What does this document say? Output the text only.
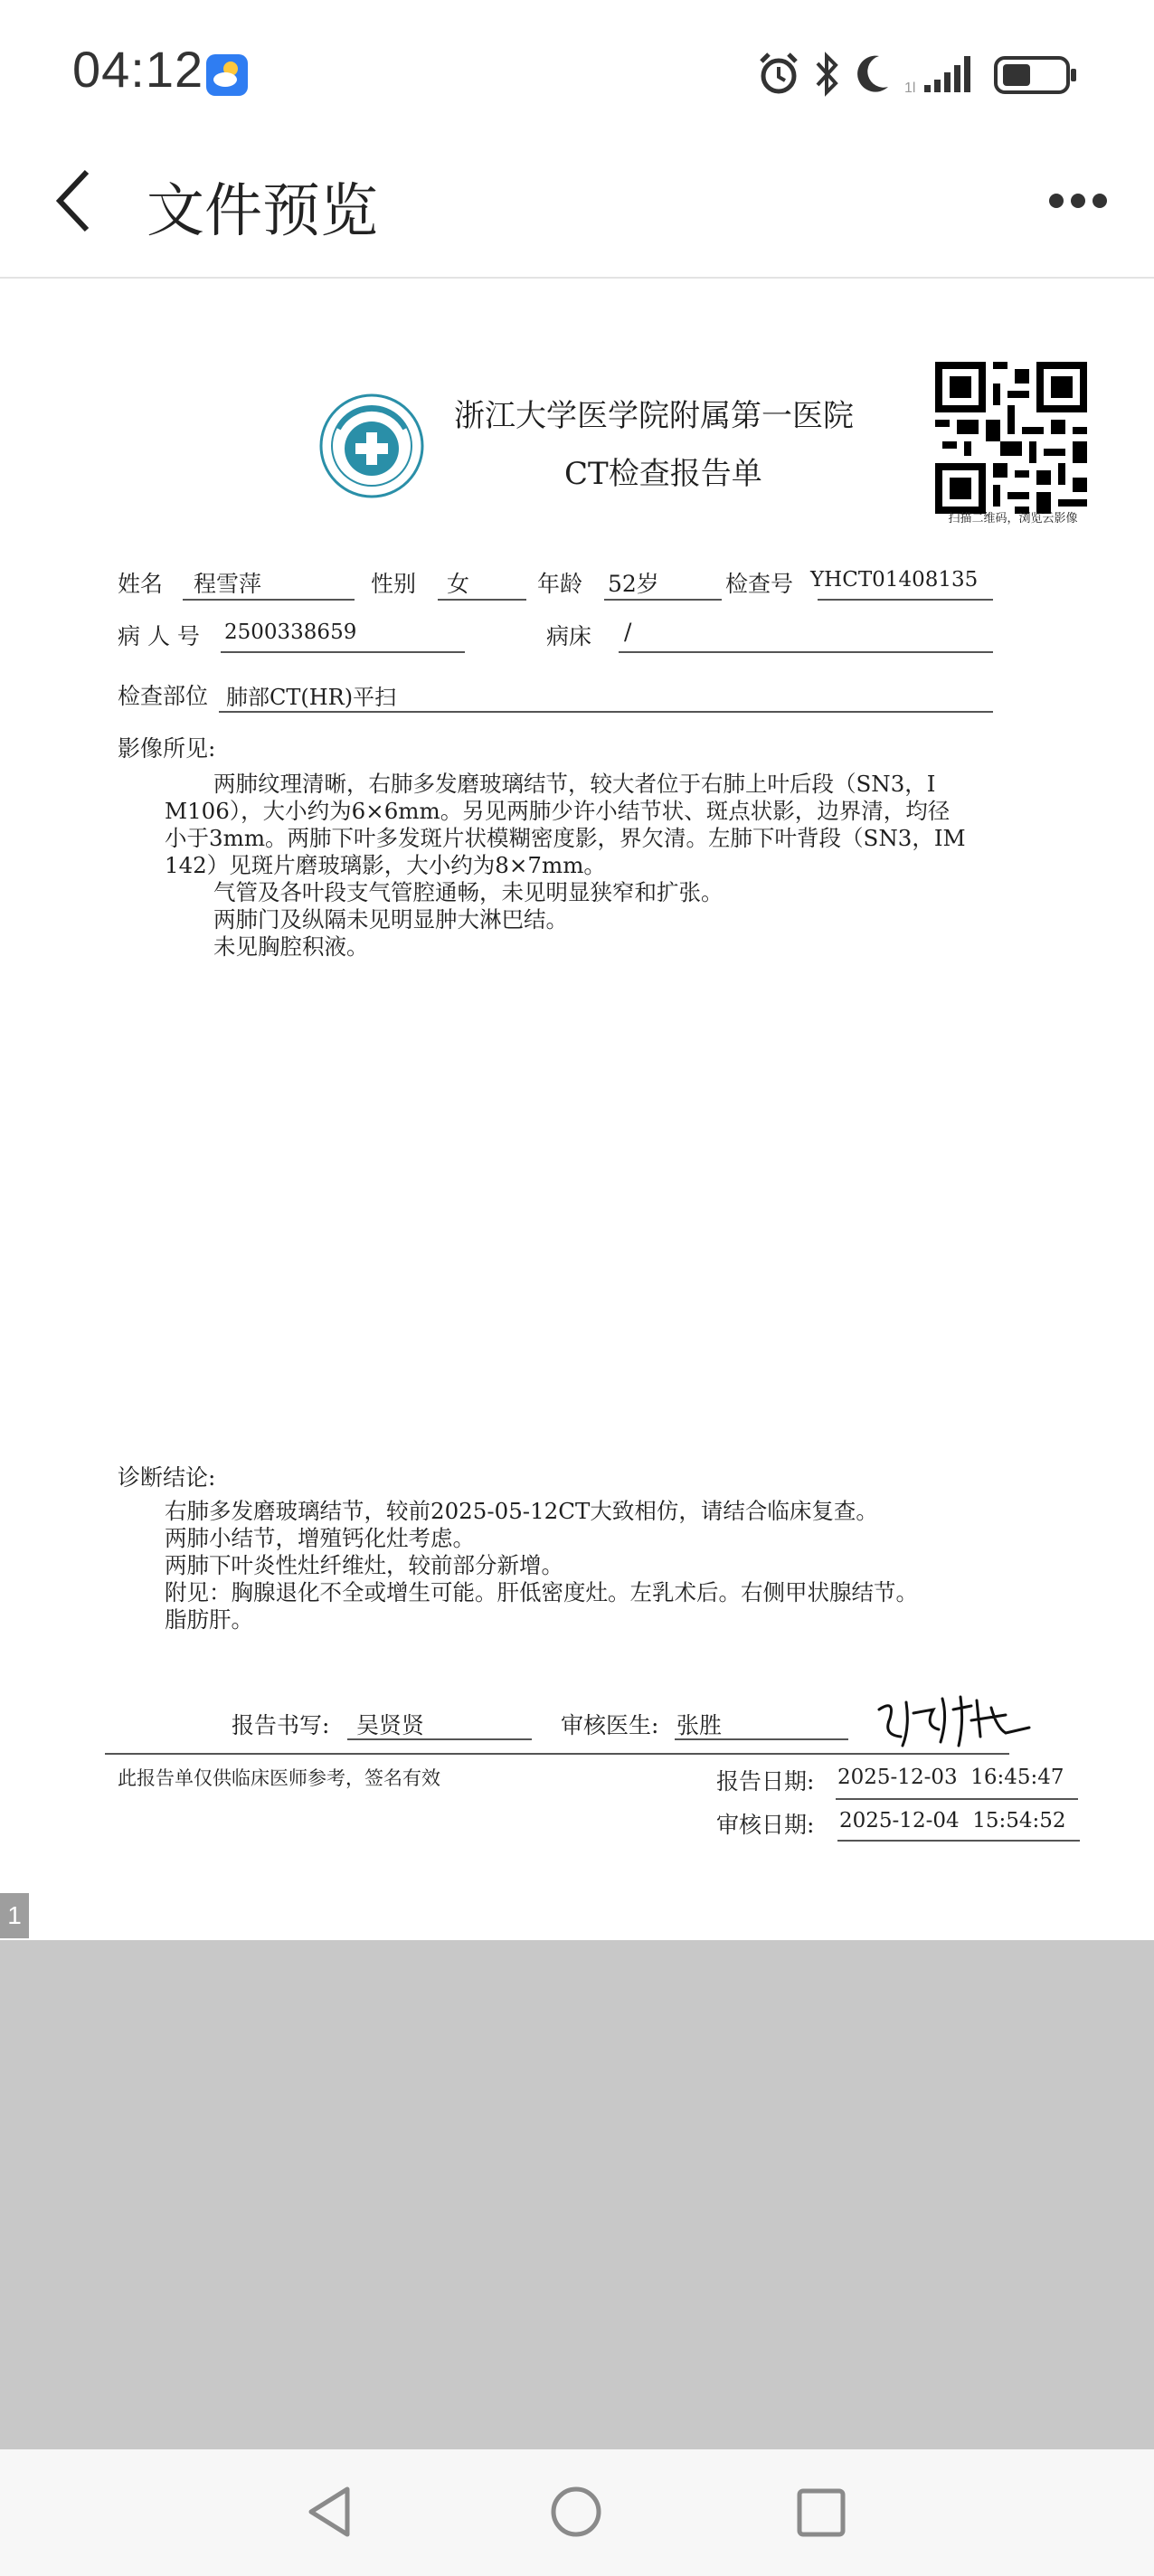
04:12	1l
文件预览
浙江大学医学院附属第一医院
CT检查报告单
扫描二维码，浏览云影像
姓名 程雪萍	性别 女	年龄 52岁	检查号 YHCT01408135
病 人 号 2500338659	病床 /
检查部位 肺部CT(HR)平扫
影像所见:
两肺纹理清晰，右肺多发磨玻璃结节，较大者位于右肺上叶后段（SN3，I
M106），大小约为6×6mm。另见两肺少许小结节状、斑点状影，边界清，均径
小于3mm。两肺下叶多发斑片状模糊密度影，界欠清。左肺下叶背段（SN3，IM
142）见斑片磨玻璃影，大小约为8×7mm。
气管及各叶段支气管腔通畅，未见明显狭窄和扩张。
两肺门及纵隔未见明显肿大淋巴结。
未见胸腔积液。
诊断结论:
右肺多发磨玻璃结节，较前2025-05-12CT大致相仿，请结合临床复查。
两肺小结节，增殖钙化灶考虑。
两肺下叶炎性灶纤维灶，较前部分新增。
附见：胸腺退化不全或增生可能。肝低密度灶。左乳术后。右侧甲状腺结节。
脂肪肝。
报告书写: 吴贤贤	审核医生: 张胜
此报告单仅供临床医师参考，签名有效	报告日期: 2025-12-03  16:45:47
审核日期: 2025-12-04  15:54:52
1
